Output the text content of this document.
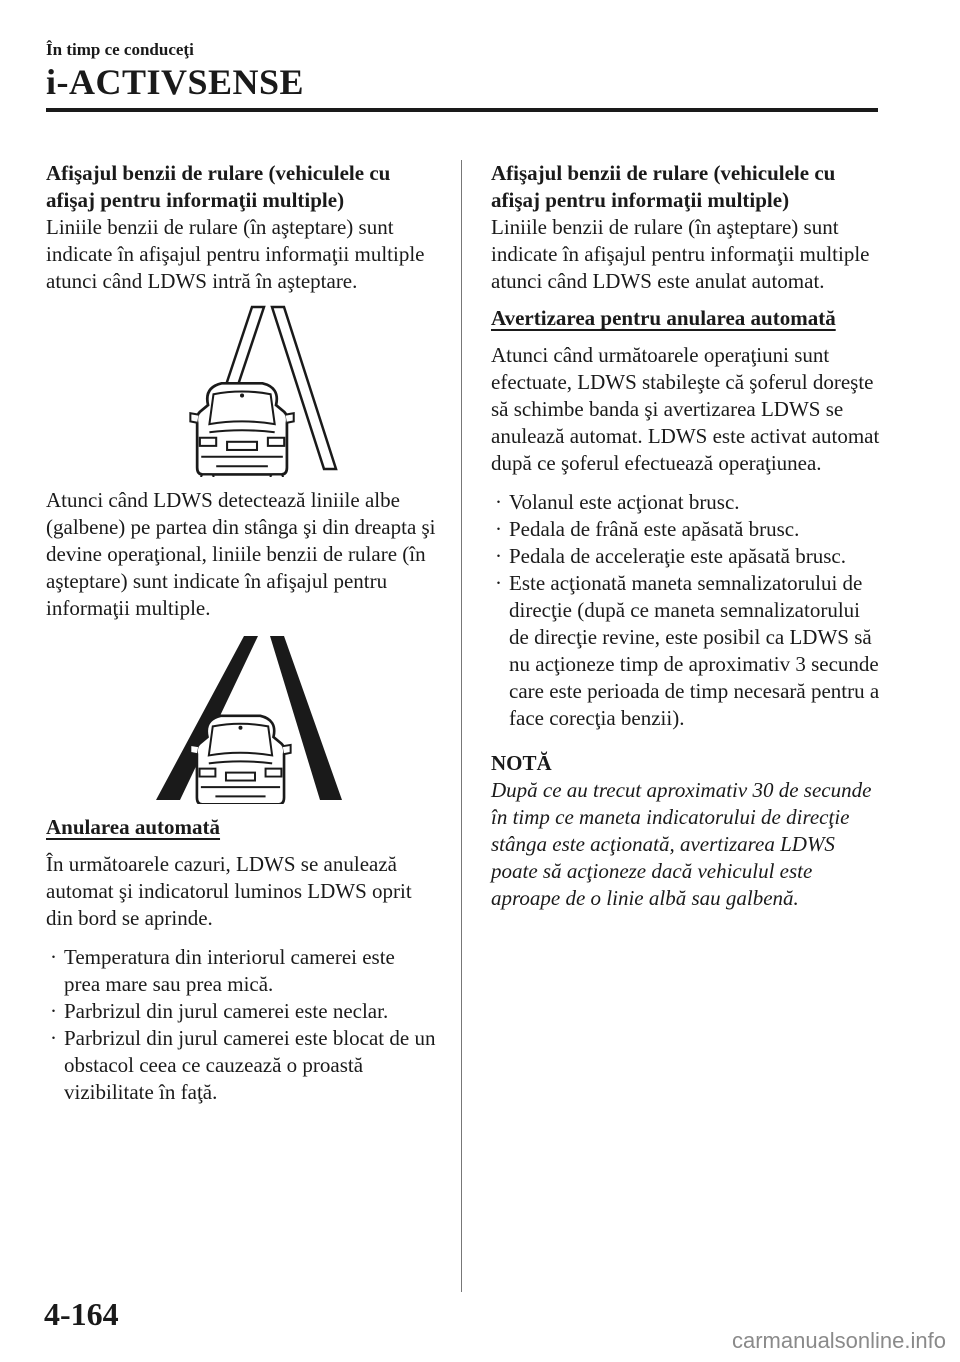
În timp ce conduceţi
i-ACTIVSENSE

Afişajul benzii de rulare (vehiculele cu afişaj pentru informaţii multiple)

Liniile benzii de rulare (în aşteptare) sunt indicate în afişajul pentru informaţii multiple atunci când LDWS intră în aşteptare.

Atunci când LDWS detectează liniile albe (galbene) pe partea din stânga şi din dreapta şi devine operaţional, liniile benzii de rulare (în aşteptare) sunt indicate în afişajul pentru informaţii multiple.

Anularea automată

În următoarele cazuri, LDWS se anulează automat şi indicatorul luminos LDWS oprit din bord se aprinde.

· Temperatura din interiorul camerei este prea mare sau prea mică.
· Parbrizul din jurul camerei este neclar.
· Parbrizul din jurul camerei este blocat de un obstacol ceea ce cauzează o proastă vizibilitate în faţă.

Afişajul benzii de rulare (vehiculele cu afişaj pentru informaţii multiple)

Liniile benzii de rulare (în aşteptare) sunt indicate în afişajul pentru informaţii multiple atunci când LDWS este anulat automat.

Avertizarea pentru anularea automată

Atunci când următoarele operaţiuni sunt efectuate, LDWS stabileşte că şoferul doreşte să schimbe banda şi avertizarea LDWS se anulează automat. LDWS este activat automat după ce şoferul efectuează operaţiunea.

· Volanul este acţionat brusc.
· Pedala de frână este apăsată brusc.
· Pedala de acceleraţie este apăsată brusc.
· Este acţionată maneta semnalizatorului de direcţie (după ce maneta semnalizatorului de direcţie revine, este posibil ca LDWS să nu acţioneze timp de aproximativ 3 secunde care este perioada de timp necesară pentru a face corecţia benzii).

NOTĂ

După ce au trecut aproximativ 30 de secunde în timp ce maneta indicatorului de direcţie stânga este acţionată, avertizarea LDWS poate să acţioneze dacă vehiculul este aproape de o linie albă sau galbenă.

4-164
carmanualsonline.info
